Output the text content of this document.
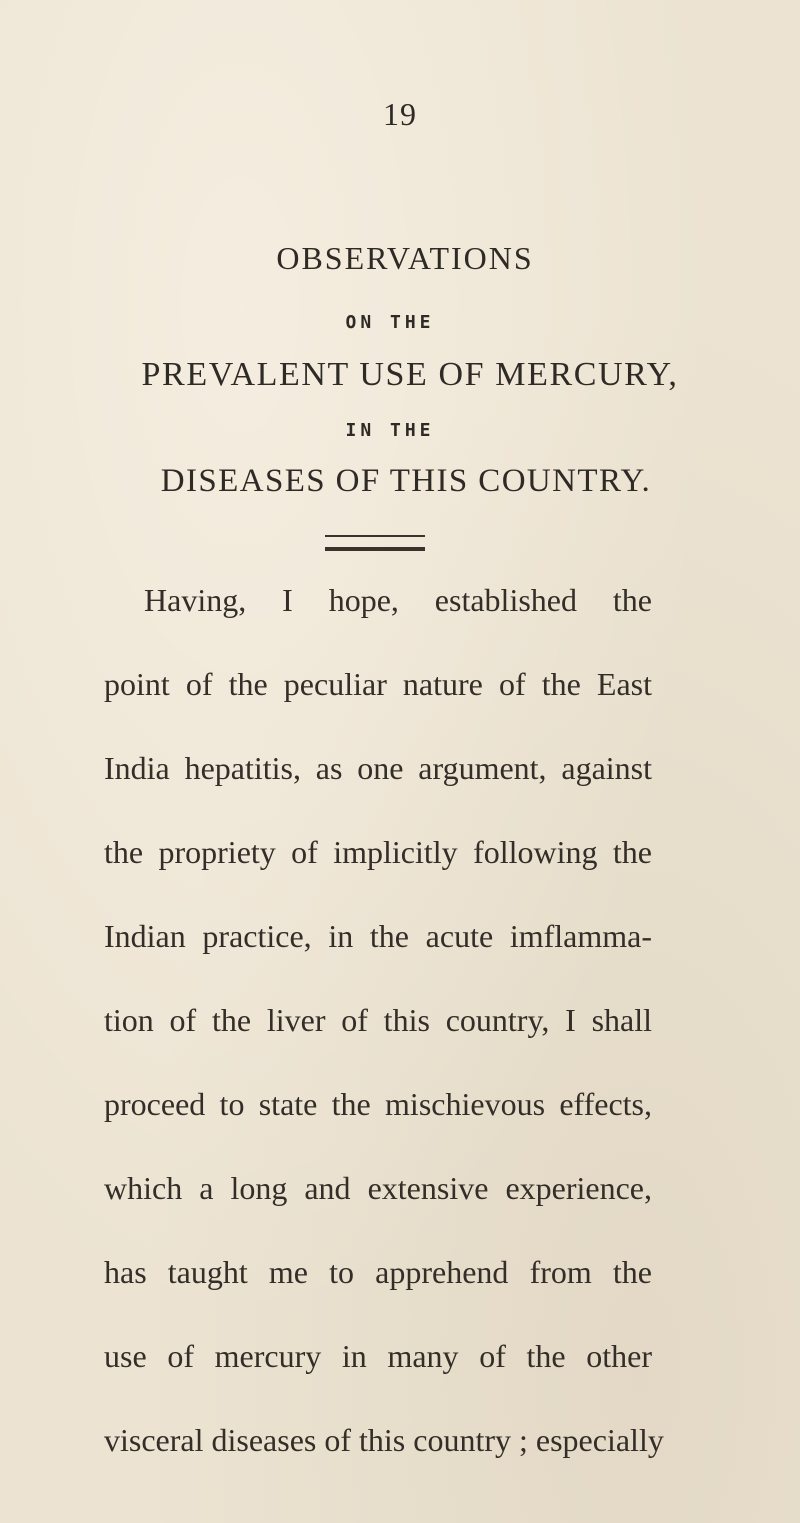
19
OBSERVATIONS
ON THE
PREVALENT USE OF MERCURY,
IN THE
DISEASES OF THIS COUNTRY.
Having, I hope, established the
point of the peculiar nature of the East
India hepatitis, as one argument, against
the propriety of implicitly following the
Indian practice, in the acute imflamma-
tion of the liver of this country, I shall
proceed to state the mischievous effects,
which a long and extensive experience,
has taught me to apprehend from the
use of mercury in many of the other
visceral diseases of this country ; especially
